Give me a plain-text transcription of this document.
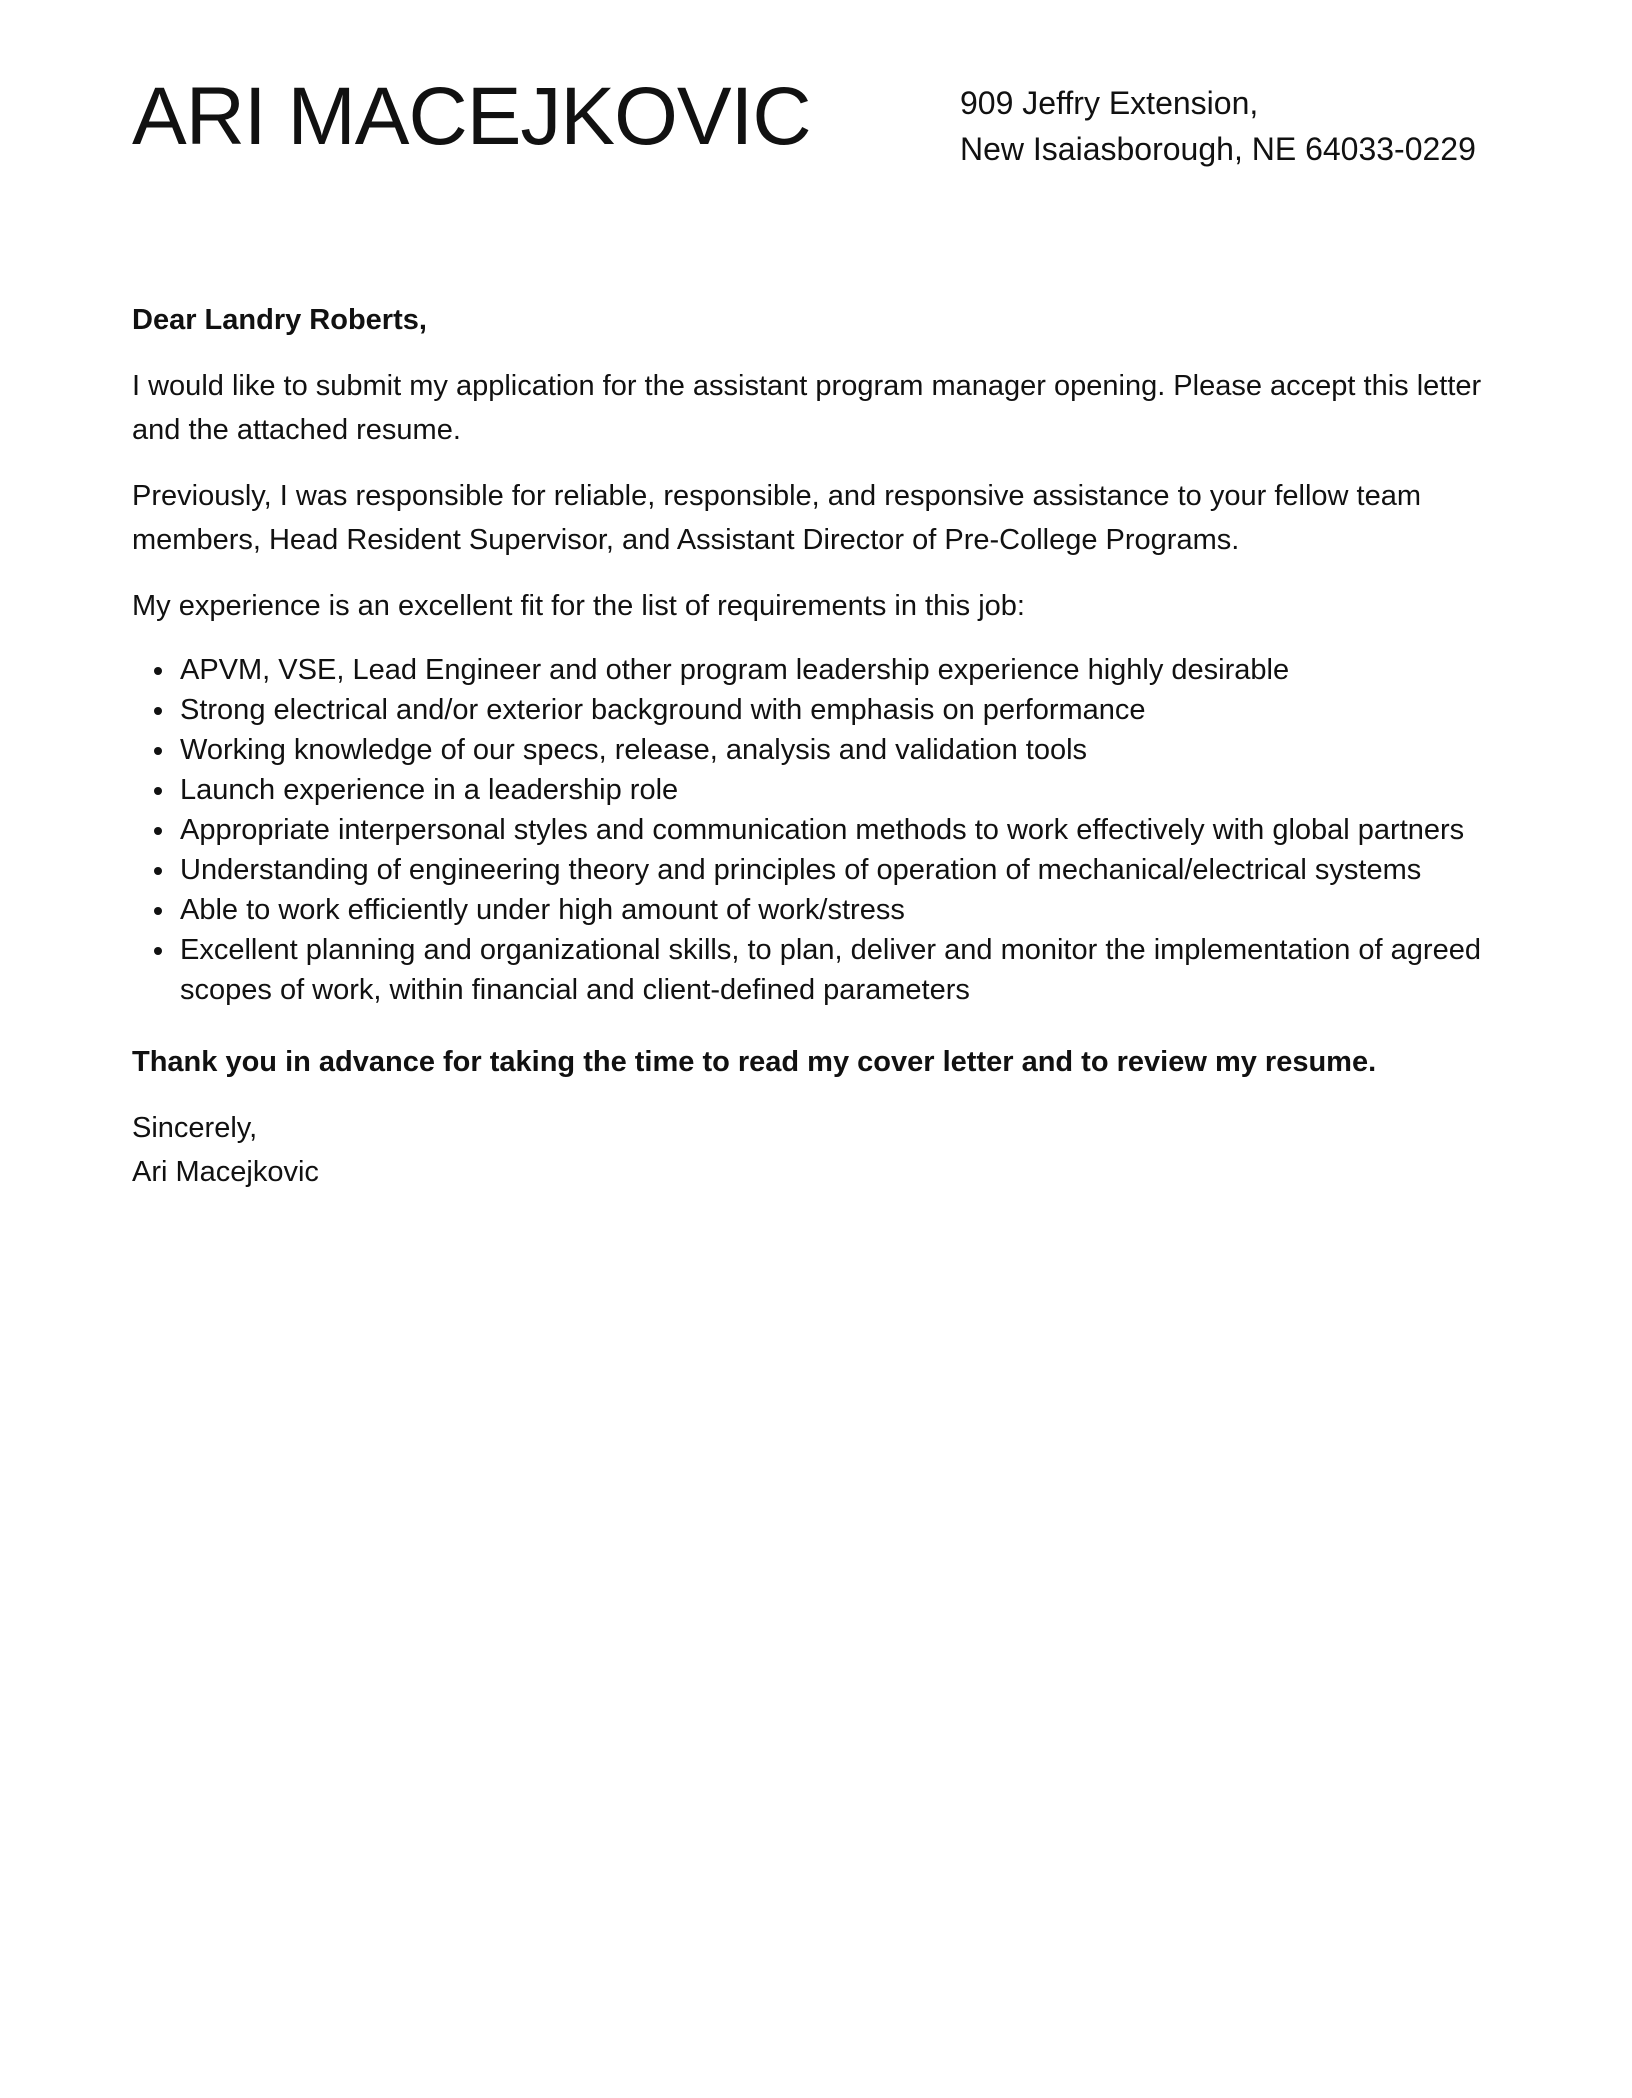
ARI MACEJKOVIC	909 Jeffry Extension,
New Isaiasborough, NE 64033-0229

Dear Landry Roberts,

I would like to submit my application for the assistant program manager opening. Please accept this letter and the attached resume.

Previously, I was responsible for reliable, responsible, and responsive assistance to your fellow team members, Head Resident Supervisor, and Assistant Director of Pre-College Programs.

My experience is an excellent fit for the list of requirements in this job:

APVM, VSE, Lead Engineer and other program leadership experience highly desirable
Strong electrical and/or exterior background with emphasis on performance
Working knowledge of our specs, release, analysis and validation tools
Launch experience in a leadership role
Appropriate interpersonal styles and communication methods to work effectively with global partners
Understanding of engineering theory and principles of operation of mechanical/electrical systems
Able to work efficiently under high amount of work/stress
Excellent planning and organizational skills, to plan, deliver and monitor the implementation of agreed scopes of work, within financial and client-defined parameters

Thank you in advance for taking the time to read my cover letter and to review my resume.

Sincerely,
Ari Macejkovic
